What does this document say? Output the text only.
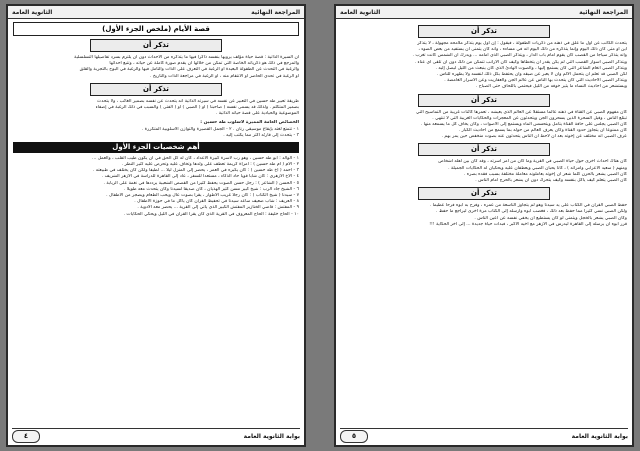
المراجعة النهائية
الثانوية العامة
قصة الأيام (ملخص الجزء الأول)
تذكر أن
أن السيرة الذاتية : قصة حياة مؤلف يرويها بنفسه ذاكرا فيها ما يتذكره من الأحداث دون أن يلتزم بسرد تفاصيلها التسلسلية
والمرجع في ذلك هو ذكرياته الخاصة التي تمكن من خلالها أن يقدم صورة كاملة عن حياته ، وتتبع أحداثها
والرغبة في التحدث عن الطفولة البعيدة أو الرغبة في التعرف على الذات والتأمل فيها والرغبة في البوح بالتجربة والقلق
أو الرغبة في تحدي الحاضر أو الانتقام منه ، أو الرغبة في مراجعة الذات والتاريخ .
تذكر أن
طريقة تعبير طه حسين في التعبير عن نفسه في سيرته الذاتية أنه يتحدث عن نفسه بضمير الغائب ، ولا يتحدث
بضمير المتكلم . ولذلك قد يسمى نفسه ( صاحبنا ) أو ( الصبي ) أو ( الفتى ) والسبب في ذلك الرغبة في إضفاء
الموضوعية والحيادية على قصة حياته الذاتية .
الخصائص العامة المميزة لأسلوب طه حسين :
١ - تتمتع لغته بإيقاع موسيقي رنان . ٢ - الجمل القصيرة والتوازن الأسلوبية المتكررة .
٣ - يتحدث إلى قارئه أكثر مما يكتب إليه .
أهم شخصيات الجزء الأول
١ - الوالد : أبو طه حسين ، وهو رب لأسرة كبيرة الأعداد ، كان له كل الحق في أن يكون طيب القلب ، والعمل ...
٢ - الأم ( أم طه حسين ) : امرأة كريمة تعطف على ولدها وتخاف عليه وتحرص عليه كثير النظر .
٣ - أحمد ( أخ طه حسين ) : كان يكبره في العمر ، يحضر إلى المنزل ليلا ... لطيفا ولكن كان يختلف في طبيعته .
٤ - الأخ الأزهري : كان شابا قويا حاد الذكاء ، مستعدا للسفر ، عاد إلى القاهرة للدراسة في الأزهر الشريف .
٥ - الحسن ( الشاعر ) : رجل حسن الصوت يحفظ كثيرا من القصص الشعبية يرددها في نغمة على الربابة .
٦ - الشيخ جاد الرب : شيخ كبير مسن كثير الهذيان ، كان صديقا لسيدنا وكان يتحدث معه طويلا .
٧ - سيدنا ( شيخ الكتاب ) : كان رجلا غريب الأطوار ، يقرأ بصوت عال ويحب الطعام ويضجر من الأطفال .
٨ - العريف : شاب ضعيف ساعد سيدنا في تحفيظ القرآن كان يأكل ما في حوزة الأطفال .
٩ - المفتش : قاضي الخنازير المفتش الكبير الذي يأتي إلى القرية ... يحضر معه الأدوية .
١٠ - الحاج خليفة : الحاج المعروف في القرية الذي كان يقرأ القرآن في الليل ويحكي الحكايات .
بوابة الثانوية العامة
٤
المراجعة النهائية
الثانوية العامة
تذكر أن
يتحدث الكاتب عن أول ما علق في ذهنه من ذكريات الطفولة ، فيقول : إن أول يوم يتذكر ملامحه مجهولة ، لا يتذكر
أين أو متى كان ذلك اليوم وإنما يتذكره من ذلك اليوم أنه في مساءه ، وأنه كان يتمنى أن يستفيد من بعض الضوء ،
وأنه يتذكر سياجا من القصب كان يقوم أمام باب الدار ، ويتذكر الصبي الذي أمامه ... ويدرك أن الشمس كانت تغرب .
ويتذكر الصبي أسوار القصب التي لم يكن يقدر أن يتخطاها وكيف كان الأرانب تتمكن من ذلك دون أن تلقى أي عناء .
ويتذكر الصبي أنغام الشاعر التي كان يستمع إليها ، والصوت الهادئ الذي كان ينبعث من الليل ليصل إليه .
لكن الصبي قد تعلم أن يتحمل الألم وأن لا يعبر عن ضيقه وأن يحتفظ بكل ذلك لنفسه ولا يظهره للناس .
ويتذكر الصبي الأحاديث التي كان يتحدث بها الناس عن عالم الجن والعفاريت وعن الأسرار الغامضة .
ويستشعر من أحاديث النساء ما يثير خوفه من الليل فيحتمي باللحاف حتى الصباح .
تذكر أن
كان مفهوم الصبي عن القناة في ذهنه عالما مستقلا عن العالم الذي يعيشه ، تعمرها كائنات غريبة من التماسيح التي
تبتلع الناس ، وقيل السحرة الذين يسحرون الجن ويتحدثون عن المعجزات والحكايات الغريبة التي لا تنتهي .
كان الصبي يجلس على حافة القناة يتأمل ويتحسس الماء ويستمع إلى الأصوات ، وكان يخاف كل ما يسمعه منها .
كان ممنوعا أن يتجاوز حدود القناة وكان يعرف العالم من حوله بما يسمع من أحاديث الكبار .
عرف الصبي أنه مختلف عن إخوته بعد أن لاحظ أن الناس يتحدثون عنه بصوت منخفض حين يمر بهم .
تذكر أن
كان هناك أحداث أخرى حول حياة الصبي في القرية وما كان من أمر أسرته ، وقد كان بين أهله أشخاص
ومنهم ( سعيد الأعرابي وامرأته ) ، كانا يحبان الصبي ويعطفان عليه ويحكيان له الحكايات الجميلة .
كان الصبي يشعر بالحزن كلما شعر أن إخوته يعاملونه معاملة مختلفة بسبب فقده بصره .
كان الصبي يتعلم كيف يأكل بنفسه وكيف يتحرك دون أن يشعر بالحرج أمام الناس .
تذكر أن
حفظ الصبي القرآن في الكتاب على يد سيدنا وهو لم يتجاوز التاسعة من عمره ، وفرح به أبوه فرحا عظيما .
ولكن الصبي نسي كثيرا مما حفظ بعد ذلك ، فغضب أبوه وأرسله إلى الكتاب مرة أخرى ليراجع ما حفظ .
وكان الصبي يشعر بالخجل ويتمنى لو كان يستطيع أن يخفي نفسه عن أعين الناس .
قرر أبوه أن يرسله إلى القاهرة ليدرس في الأزهر مع أخيه الأكبر ، فبدأت حياة جديدة ... إلى آخر الحكاية !!!
بوابة الثانوية العامة
٥
